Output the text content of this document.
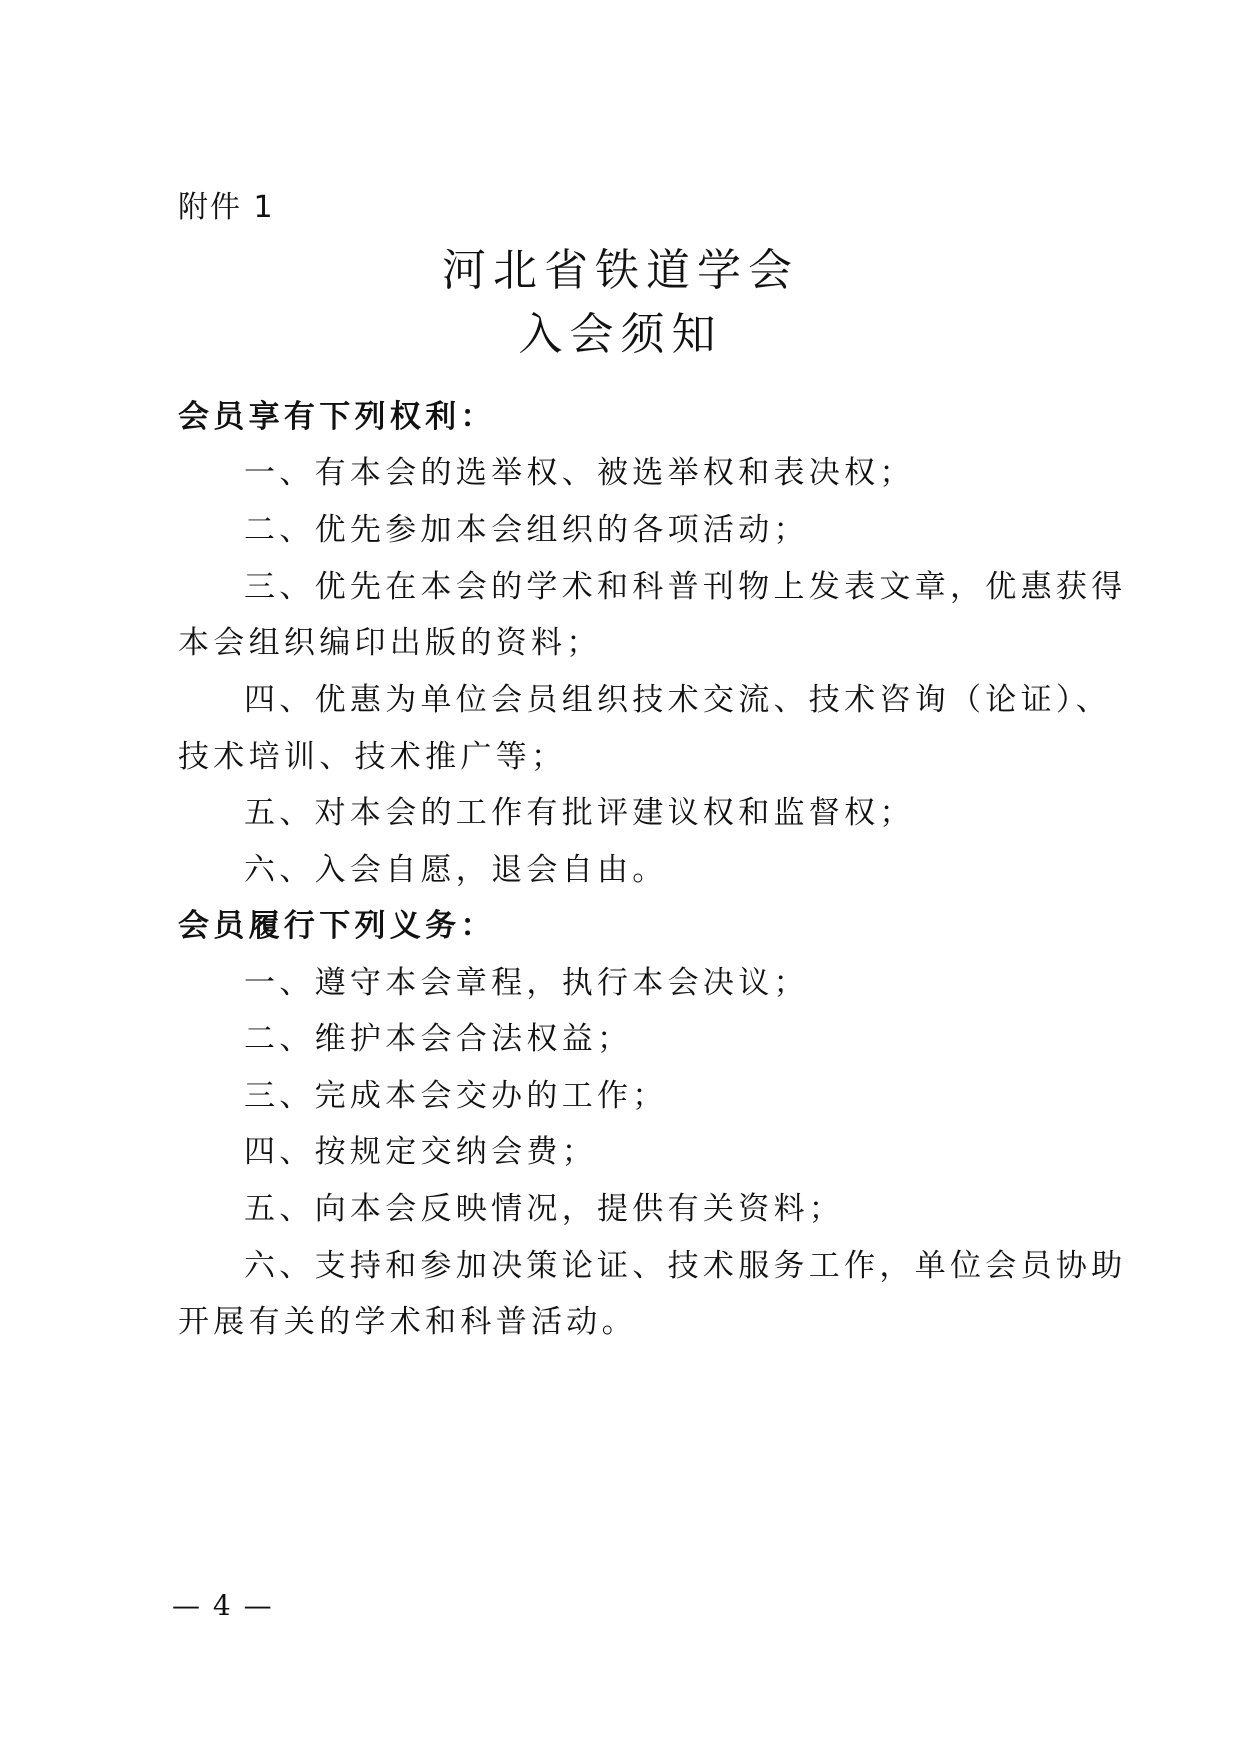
附件 1
河北省铁道学会
入会须知
会员享有下列权利：
一、有本会的选举权、被选举权和表决权；
二、优先参加本会组织的各项活动；
三、优先在本会的学术和科普刊物上发表文章，优惠获得
本会组织编印出版的资料；
四、优惠为单位会员组织技术交流、技术咨询（论证）、
技术培训、技术推广等；
五、对本会的工作有批评建议权和监督权；
六、入会自愿，退会自由。
会员履行下列义务：
一、遵守本会章程，执行本会决议；
二、维护本会合法权益；
三、完成本会交办的工作；
四、按规定交纳会费；
五、向本会反映情况，提供有关资料；
六、支持和参加决策论证、技术服务工作，单位会员协助
开展有关的学术和科普活动。
— 4 —
